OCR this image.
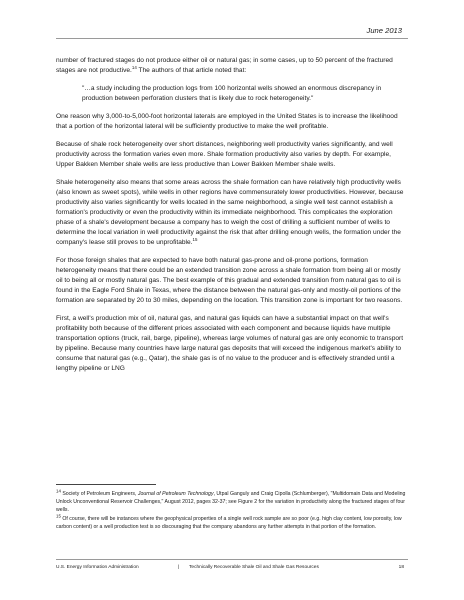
June 2013

number of fractured stages do not produce either oil or natural gas; in some cases, up to 50 percent of the fractured stages are not productive.$^{14}$ The authors of that article noted that:

"…a study including the production logs from 100 horizontal wells showed an enormous discrepancy in production between perforation clusters that is likely due to rock heterogeneity."

One reason why 3,000-to-5,000-foot horizontal laterals are employed in the United States is to increase the likelihood that a portion of the horizontal lateral will be sufficiently productive to make the well profitable.

Because of shale rock heterogeneity over short distances, neighboring well productivity varies significantly, and well productivity across the formation varies even more. Shale formation productivity also varies by depth. For example, Upper Bakken Member shale wells are less productive than Lower Bakken Member shale wells.

Shale heterogeneity also means that some areas across the shale formation can have relatively high productivity wells (also known as sweet spots), while wells in other regions have commensurately lower productivities. However, because productivity also varies significantly for wells located in the same neighborhood, a single well test cannot establish a formation's productivity or even the productivity within its immediate neighborhood. This complicates the exploration phase of a shale's development because a company has to weigh the cost of drilling a sufficient number of wells to determine the local variation in well productivity against the risk that after drilling enough wells, the formation under the company's lease still proves to be unprofitable.$^{15}$

For those foreign shales that are expected to have both natural gas-prone and oil-prone portions, formation heterogeneity means that there could be an extended transition zone across a shale formation from being all or mostly oil to being all or mostly natural gas. The best example of this gradual and extended transition from natural gas to oil is found in the Eagle Ford Shale in Texas, where the distance between the natural gas-only and mostly-oil portions of the formation are separated by 20 to 30 miles, depending on the location. This transition zone is important for two reasons.

First, a well's production mix of oil, natural gas, and natural gas liquids can have a substantial impact on that well's profitability both because of the different prices associated with each component and because liquids have multiple transportation options (truck, rail, barge, pipeline), whereas large volumes of natural gas are only economic to transport by pipeline. Because many countries have large natural gas deposits that will exceed the indigenous market's ability to consume that natural gas (e.g., Qatar), the shale gas is of no value to the producer and is effectively stranded until a lengthy pipeline or LNG

$^{14}$ Society of Petroleum Engineers, Journal of Petroleum Technology, Utpal Ganguly and Craig Cipolla (Schlumberger), "Multidomain Data and Modeling Unlock Unconventional Reservoir Challenges," August 2012, pages 32-37; see Figure 2 for the variation in productivity along the fractured stages of four wells.
$^{15}$ Of course, there will be instances where the geophysical properties of a single well rock sample are so poor (e.g. high clay content, low porosity, low carbon content) or a well production test is so discouraging that the company abandons any further attempts in that portion of the formation.
U.S. Energy Information Administration	| Technically Recoverable Shale Oil and Shale Gas Resources	18
